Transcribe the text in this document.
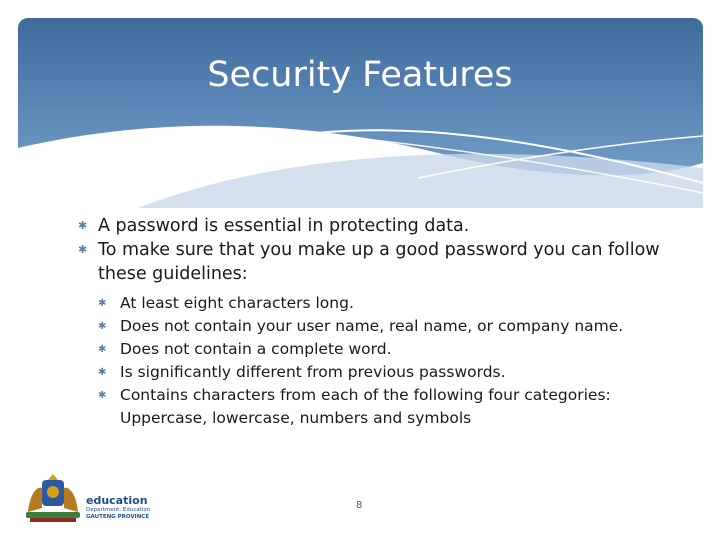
Security Features
✱ A password is essential in protecting data.
✱ To make sure that you make up a good password you can follow these guidelines:
✱ At least eight characters long.
✱ Does not contain your user name, real name, or company name.
✱ Does not contain a complete word.
✱ Is significantly different from previous passwords.
✱ Contains characters from each of the following four categories: Uppercase, lowercase, numbers and symbols
education
Department: Education
GAUTENG PROVINCE
8
